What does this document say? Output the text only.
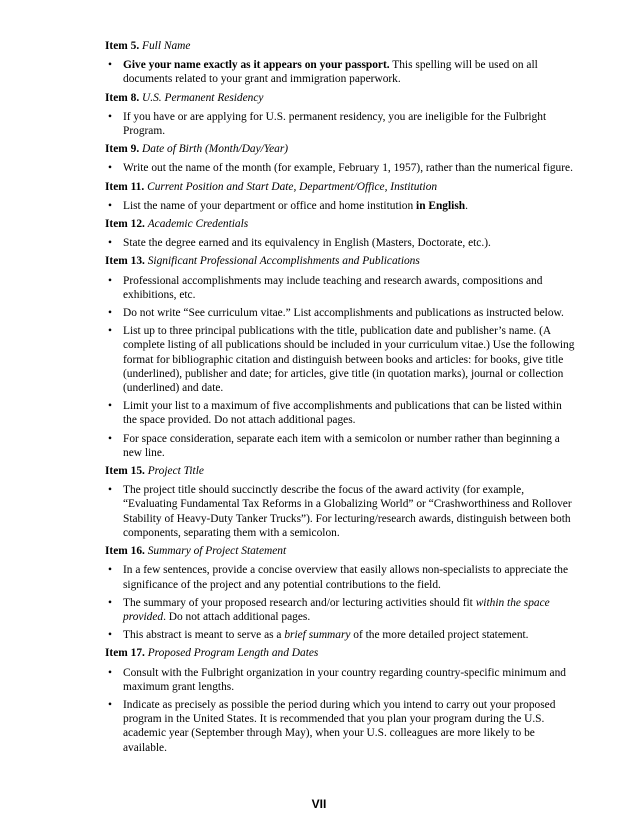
Item 5. Full Name
• Give your name exactly as it appears on your passport. This spelling will be used on all documents related to your grant and immigration paperwork.
Item 8. U.S. Permanent Residency
• If you have or are applying for U.S. permanent residency, you are ineligible for the Fulbright Program.
Item 9. Date of Birth (Month/Day/Year)
• Write out the name of the month (for example, February 1, 1957), rather than the numerical figure.
Item 11. Current Position and Start Date, Department/Office, Institution
• List the name of your department or office and home institution in English.
Item 12. Academic Credentials
• State the degree earned and its equivalency in English (Masters, Doctorate, etc.).
Item 13. Significant Professional Accomplishments and Publications
• Professional accomplishments may include teaching and research awards, compositions and exhibitions, etc.
• Do not write “See curriculum vitae.” List accomplishments and publications as instructed below.
• List up to three principal publications with the title, publication date and publisher’s name. (A complete listing of all publications should be included in your curriculum vitae.) Use the following format for bibliographic citation and distinguish between books and articles: for books, give title (underlined), publisher and date; for articles, give title (in quotation marks), journal or collection (underlined) and date.
• Limit your list to a maximum of five accomplishments and publications that can be listed within the space provided. Do not attach additional pages.
• For space consideration, separate each item with a semicolon or number rather than beginning a new line.
Item 15. Project Title
• The project title should succinctly describe the focus of the award activity (for example, “Evaluating Fundamental Tax Reforms in a Globalizing World” or “Crashworthiness and Rollover Stability of Heavy-Duty Tanker Trucks”). For lecturing/research awards, distinguish between both components, separating them with a semicolon.
Item 16. Summary of Project Statement
• In a few sentences, provide a concise overview that easily allows non-specialists to appreciate the significance of the project and any potential contributions to the field.
• The summary of your proposed research and/or lecturing activities should fit within the space provided. Do not attach additional pages.
• This abstract is meant to serve as a brief summary of the more detailed project statement.
Item 17. Proposed Program Length and Dates
• Consult with the Fulbright organization in your country regarding country-specific minimum and maximum grant lengths.
• Indicate as precisely as possible the period during which you intend to carry out your proposed program in the United States. It is recommended that you plan your program during the U.S. academic year (September through May), when your U.S. colleagues are more likely to be available.
VII
